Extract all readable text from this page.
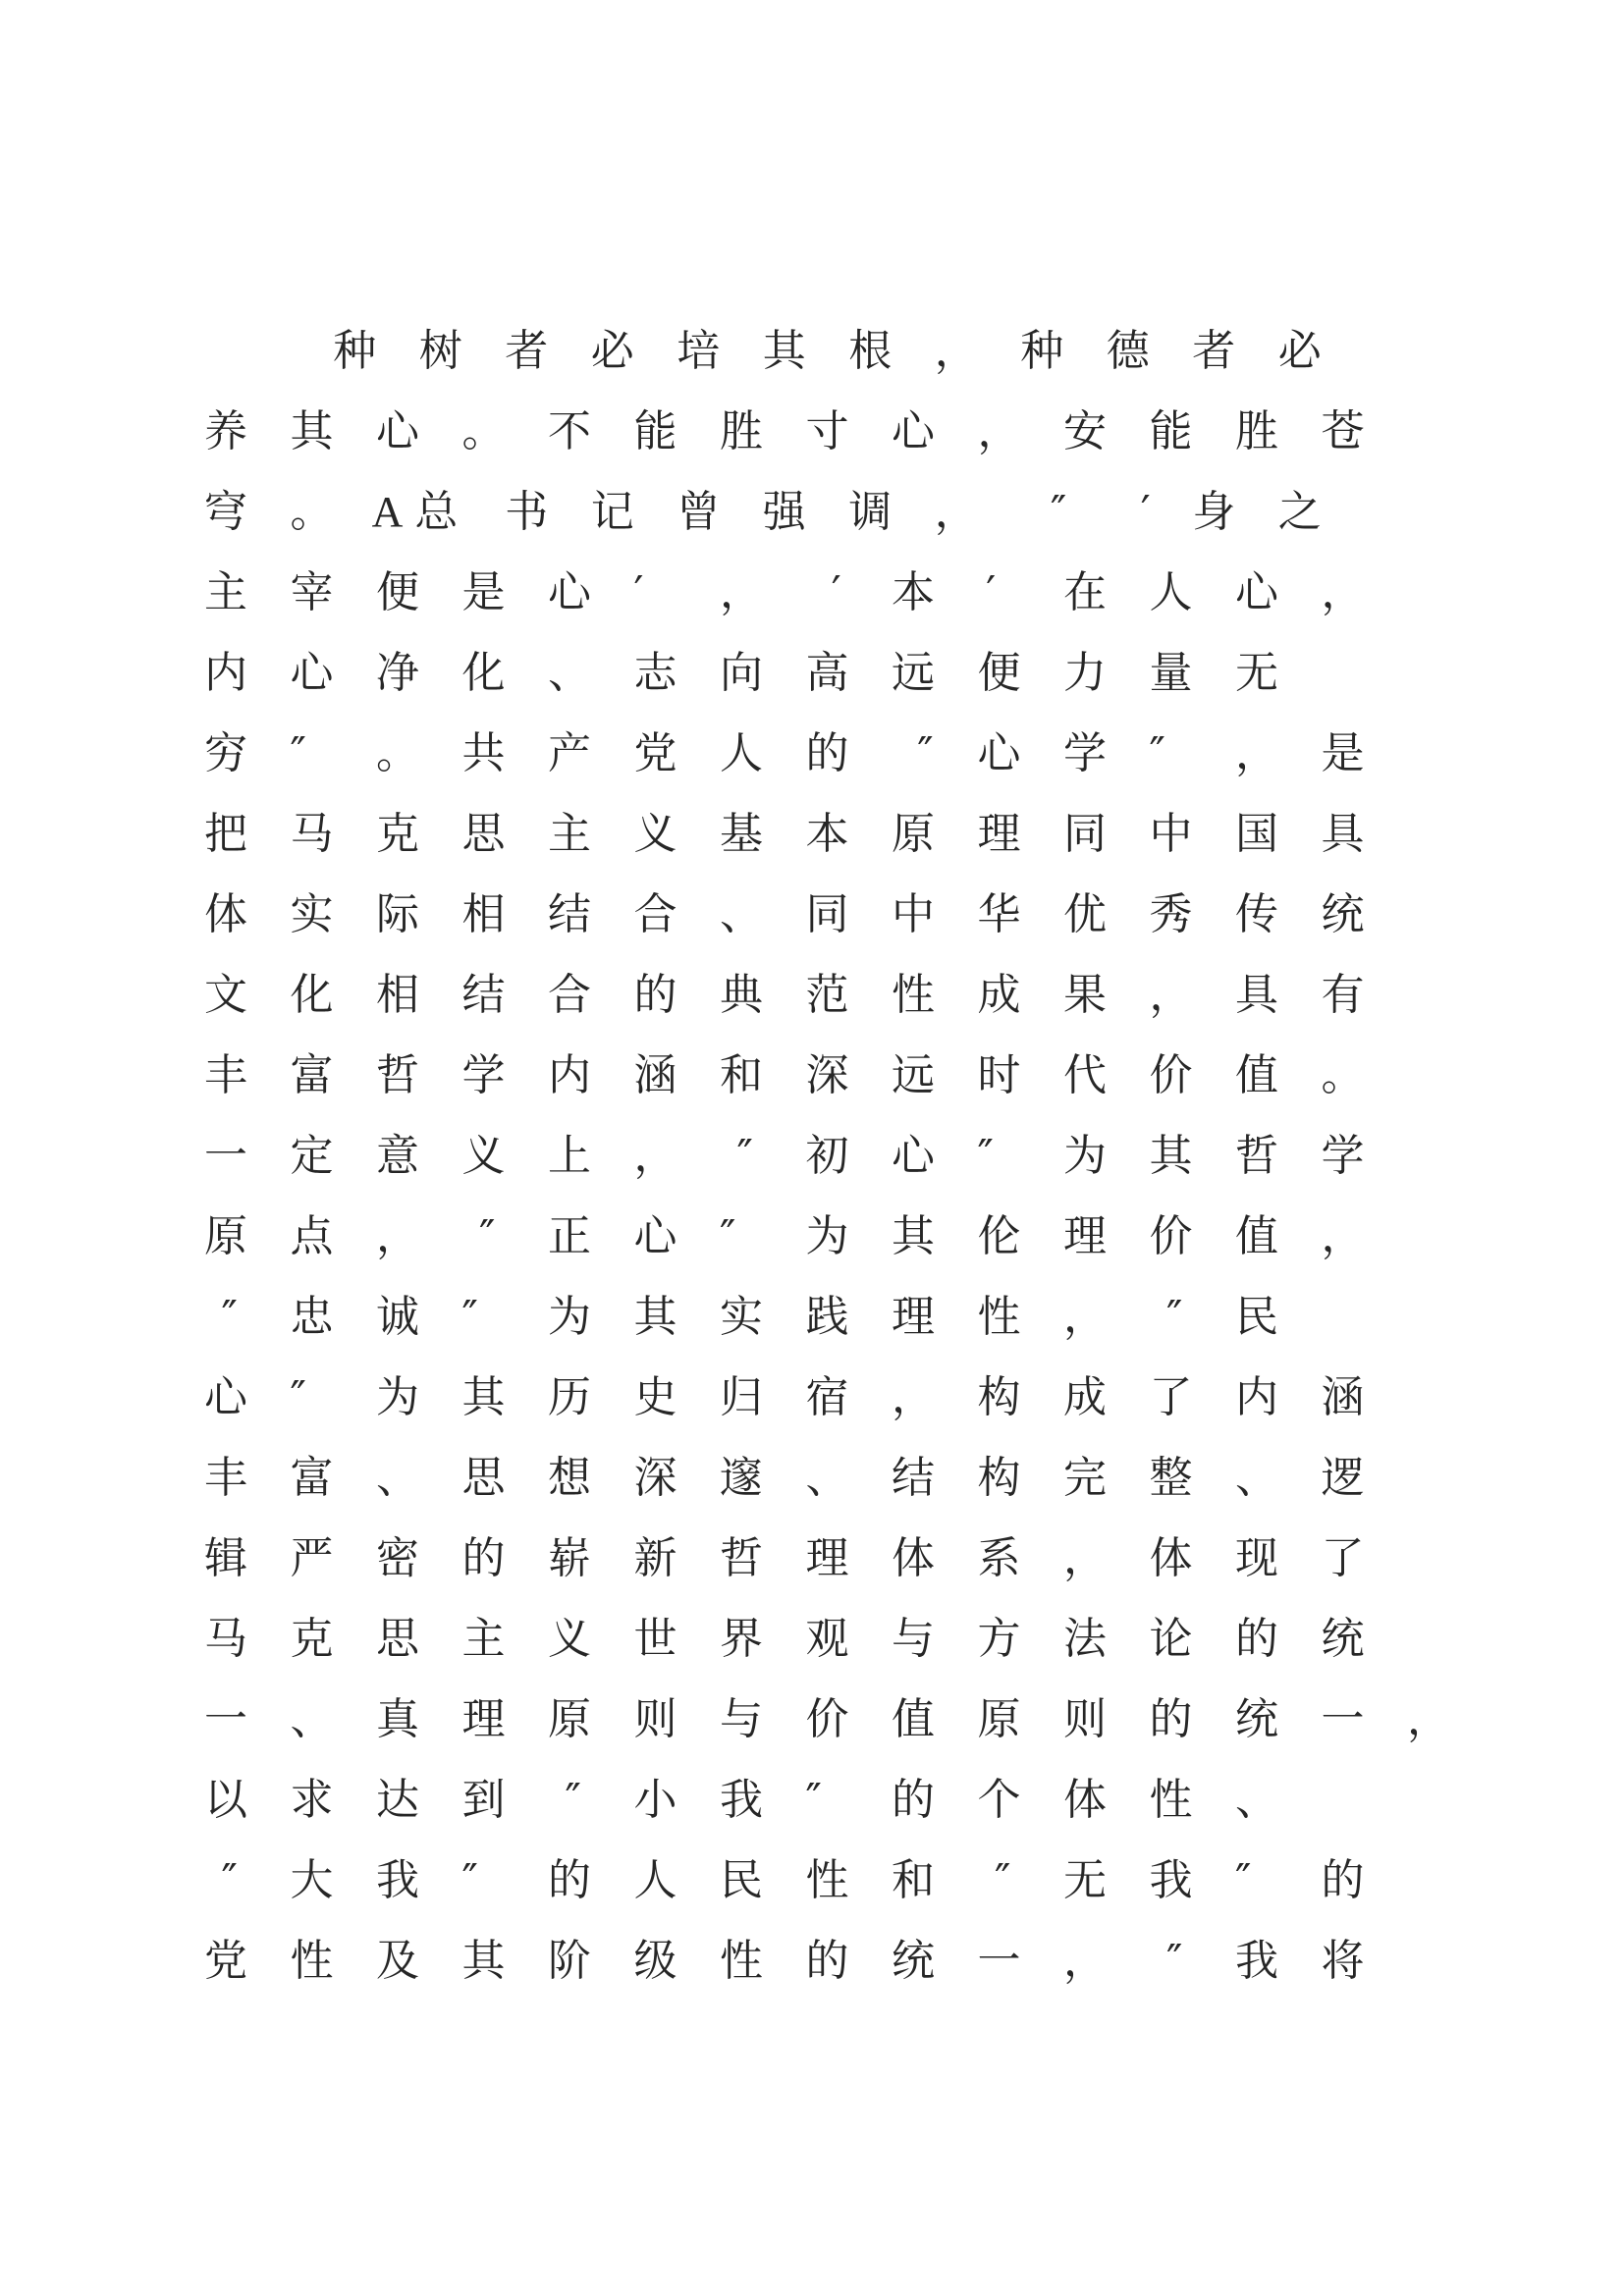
种 树 者 必 培 其 根 ， 种 德 者 必
养 其 心 。 不 能 胜 寸 心 ， 安 能 胜 苍
穹 。 A 总 书 记 曾 强 调 ， ″ ′ 身 之
主 宰 便 是 心 ′ ， ′ 本 ′ 在 人 心 ，
内 心 净 化 、 志 向 高 远 便 力 量 无
穷 ″ 。 共 产 党 人 的 ″ 心 学 ″ ， 是
把 马 克 思 主 义 基 本 原 理 同 中 国 具
体 实 际 相 结 合 、 同 中 华 优 秀 传 统
文 化 相 结 合 的 典 范 性 成 果 ， 具 有
丰 富 哲 学 内 涵 和 深 远 时 代 价 值 。
一 定 意 义 上 ， ″ 初 心 ″ 为 其 哲 学
原 点 ， ″ 正 心 ″ 为 其 伦 理 价 值 ，
″ 忠 诚 ″ 为 其 实 践 理 性 ， ″ 民
心 ″ 为 其 历 史 归 宿 ， 构 成 了 内 涵
丰 富 、 思 想 深 邃 、 结 构 完 整 、 逻
辑 严 密 的 崭 新 哲 理 体 系 ， 体 现 了
马 克 思 主 义 世 界 观 与 方 法 论 的 统
一 、 真 理 原 则 与 价 值 原 则 的 统 一 ，
以 求 达 到 ″ 小 我 ″ 的 个 体 性 、
″ 大 我 ″ 的 人 民 性 和 ″ 无 我 ″ 的
党 性 及 其 阶 级 性 的 统 一 ， ″ 我 将
